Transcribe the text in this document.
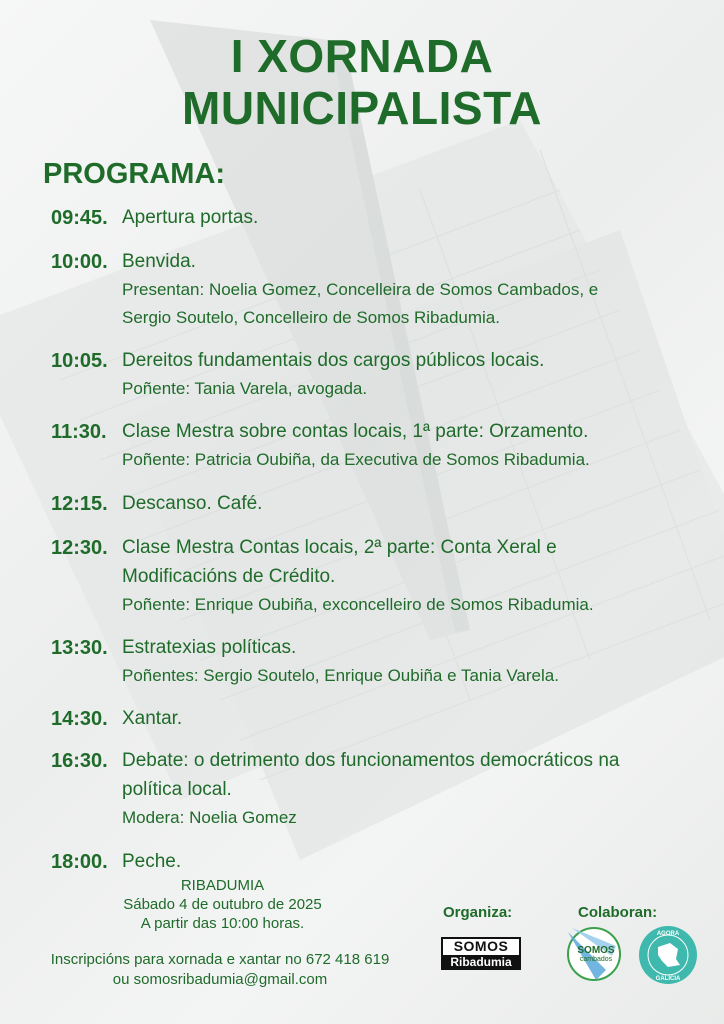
I XORNADA
MUNICIPALISTA
PROGRAMA:
09:45. Apertura portas.
10:00. Benvida.
Presentan: Noelia Gomez, Concelleira de Somos Cambados, e
Sergio Soutelo, Concelleiro de Somos Ribadumia.
10:05. Dereitos fundamentais dos cargos públicos locais.
Poñente: Tania Varela, avogada.
11:30. Clase Mestra sobre contas locais, 1ª parte: Orzamento.
Poñente: Patricia Oubiña, da Executiva de Somos Ribadumia.
12:15. Descanso. Café.
12:30. Clase Mestra Contas locais, 2ª parte: Conta Xeral e
Modificacións de Crédito.
Poñente: Enrique Oubiña, exconcelleiro de Somos Ribadumia.
13:30. Estratexias políticas.
Poñentes: Sergio Soutelo, Enrique Oubiña e Tania Varela.
14:30. Xantar.
16:30. Debate: o detrimento dos funcionamentos democráticos na
política local.
Modera: Noelia Gomez
18:00. Peche.
RIBADUMIA
Sábado 4 de outubro de 2025
A partir das 10:00 horas.
Inscripcións para xornada e xantar no 672 418 619
ou somosribadumia@gmail.com
Organiza:	Colaboran:
SOMOS
Ribadumia
SOMOS
cambados
AGORA
GALICIA
